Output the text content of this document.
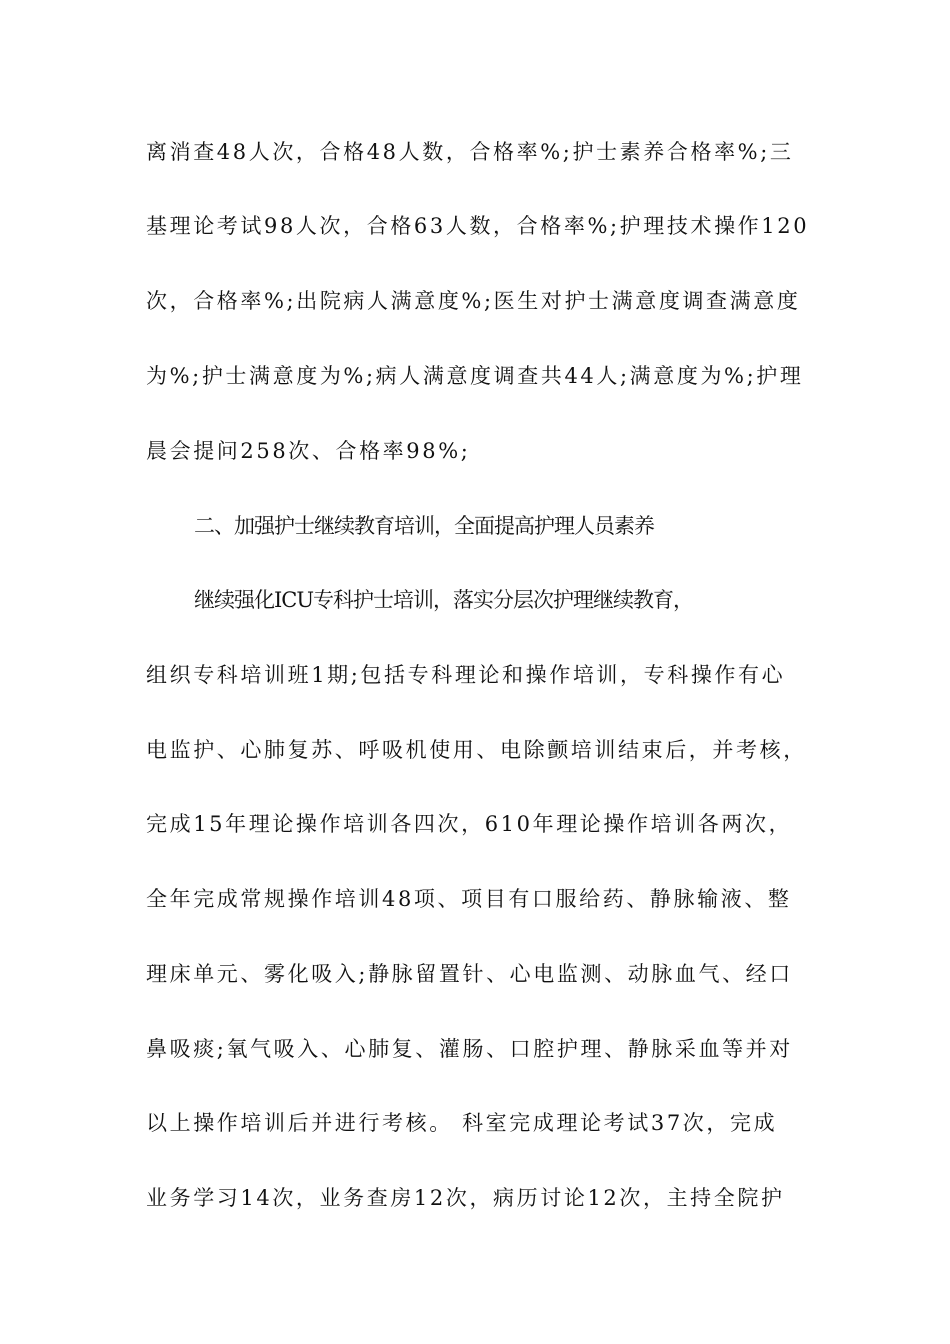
离消查48人次，合格48人数，合格率%;护士素养合格率%;三
基理论考试98人次，合格63人数，合格率%;护理技术操作120
次，合格率%;出院病人满意度%;医生对护士满意度调查满意度
为%;护士满意度为%;病人满意度调查共44人;满意度为%;护理
晨会提问258次、合格率98%;
二、加强护士继续教育培训，全面提高护理人员素养
继续强化ICU专科护士培训，落实分层次护理继续教育，
组织专科培训班1期;包括专科理论和操作培训，专科操作有心
电监护、心肺复苏、呼吸机使用、电除颤培训结束后，并考核，
完成15年理论操作培训各四次，610年理论操作培训各两次，
全年完成常规操作培训48项、项目有口服给药、静脉输液、整
理床单元、雾化吸入;静脉留置针、心电监测、动脉血气、经口
鼻吸痰;氧气吸入、心肺复、灌肠、口腔护理、静脉采血等并对
以上操作培训后并进行考核。 科室完成理论考试37次，完成
业务学习14次，业务查房12次，病历讨论12次，主持全院护
